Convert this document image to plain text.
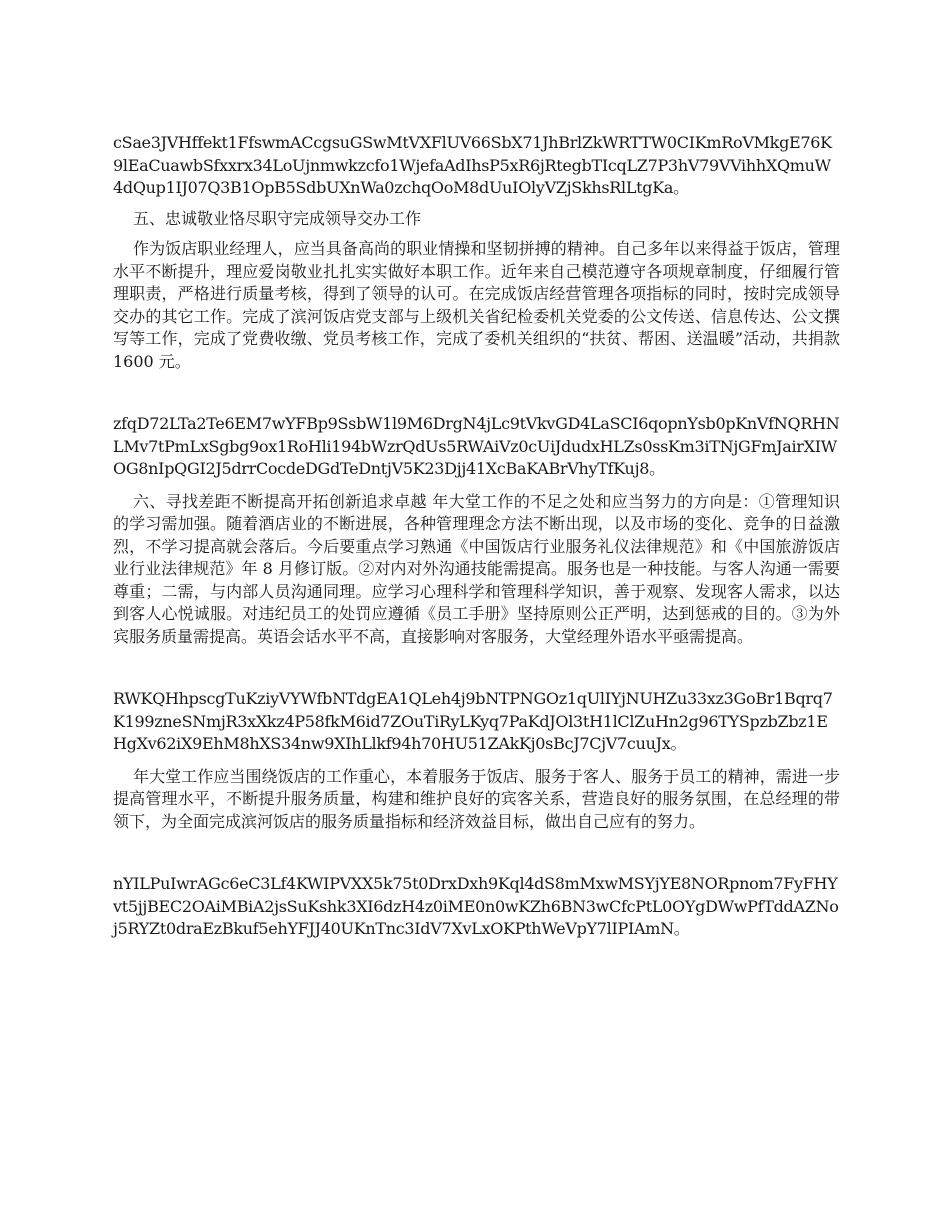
cSae3JVHffekt1FfswmACcgsuGSwMtVXFlUV66SbX71JhBrlZkWRTTW0CIKmRoVMkgE76K9lEaCuawbSfxxrx34LoUjnmwkzcfo1WjefaAdIhsP5xR6jRtegbTIcqLZ7P3hV79VVihhXQmuW4dQup1IJ07Q3B1OpB5SdbUXnWa0zchqOoM8dUuIOlyVZjSkhsRlLtgKa。

五、忠诚敬业恪尽职守完成领导交办工作

作为饭店职业经理人，应当具备高尚的职业情操和坚韧拼搏的精神。自己多年以来得益于饭店，管理水平不断提升，理应爱岗敬业扎扎实实做好本职工作。近年来自己模范遵守各项规章制度，仔细履行管理职责，严格进行质量考核，得到了领导的认可。在完成饭店经营管理各项指标的同时，按时完成领导交办的其它工作。完成了滨河饭店党支部与上级机关省纪检委机关党委的公文传送、信息传达、公文撰写等工作，完成了党费收缴、党员考核工作，完成了委机关组织的“扶贫、帮困、送温暖”活动，共捐款 1600 元。

zfqD72LTa2Te6EM7wYFBp9SsbW1l9M6DrgN4jLc9tVkvGD4LaSCI6qopnYsb0pKnVfNQRHNLMv7tPmLxSgbg9ox1RoHli194bWzrQdUs5RWAiVz0cUiJdudxHLZs0ssKm3iTNjGFmJairXIWOG8nIpQGI2J5drrCocdeDGdTeDntjV5K23Djj41XcBaKABrVhyTfKuj8。

六、寻找差距不断提高开拓创新追求卓越 年大堂工作的不足之处和应当努力的方向是：①管理知识的学习需加强。随着酒店业的不断进展，各种管理理念方法不断出现，以及市场的变化、竞争的日益激烈，不学习提高就会落后。今后要重点学习熟通《中国饭店行业服务礼仪法律规范》和《中国旅游饭店业行业法律规范》年 8 月修订版。②对内对外沟通技能需提高。服务也是一种技能。与客人沟通一需要尊重；二需，与内部人员沟通同理。应学习心理科学和管理科学知识，善于观察、发现客人需求，以达到客人心悦诚服。对违纪员工的处罚应遵循《员工手册》坚持原则公正严明，达到惩戒的目的。③为外宾服务质量需提高。英语会话水平不高，直接影响对客服务，大堂经理外语水平亟需提高。

RWKQHhpscgTuKziyVYWfbNTdgEA1QLeh4j9bNTPNGOz1qUlIYjNUHZu33xz3GoBr1Bqrq7K199zneSNmjR3xXkz4P58fkM6id7ZOuTiRyLKyq7PaKdJOl3tH1lClZuHn2g96TYSpzbZbz1EHgXv62iX9EhM8hXS34nw9XIhLlkf94h70HU51ZAkKj0sBcJ7CjV7cuuJx。

年大堂工作应当围绕饭店的工作重心，本着服务于饭店、服务于客人、服务于员工的精神，需进一步提高管理水平，不断提升服务质量，构建和维护良好的宾客关系，营造良好的服务氛围，在总经理的带领下，为全面完成滨河饭店的服务质量指标和经济效益目标，做出自己应有的努力。

nYILPuIwrAGc6eC3Lf4KWIPVXX5k75t0DrxDxh9Kql4dS8mMxwMSYjYE8NORpnom7FyFHYvt5jjBEC2OAiMBiA2jsSuKshk3XI6dzH4z0iME0n0wKZh6BN3wCfcPtL0OYgDWwPfTddAZNoj5RYZt0draEzBkuf5ehYFJJ40UKnTnc3IdV7XvLxOKPthWeVpY7lIPIAmN。
